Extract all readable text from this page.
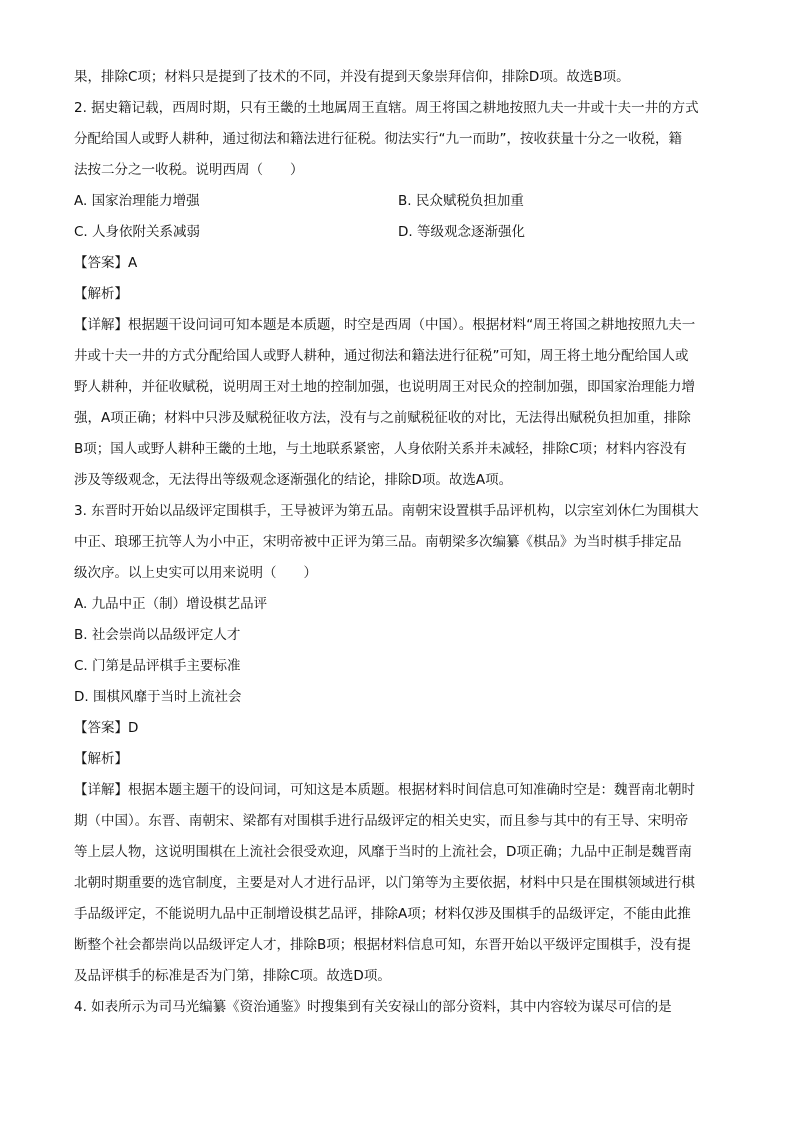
果，排除C项；材料只是提到了技术的不同，并没有提到天象崇拜信仰，排除D项。故选B项。
2. 据史籍记载，西周时期，只有王畿的土地属周王直辖。周王将国之耕地按照九夫一井或十夫一井的方式
分配给国人或野人耕种，通过彻法和籍法进行征税。彻法实行“九一而助”，按收获量十分之一收税，籍
法按二分之一收税。说明西周（　　）
A. 国家治理能力增强	B. 民众赋税负担加重
C. 人身依附关系减弱	D. 等级观念逐渐强化
【答案】A
【解析】
【详解】根据题干设问词可知本题是本质题，时空是西周（中国）。根据材料“周王将国之耕地按照九夫一
井或十夫一井的方式分配给国人或野人耕种，通过彻法和籍法进行征税”可知，周王将土地分配给国人或
野人耕种，并征收赋税，说明周王对土地的控制加强，也说明周王对民众的控制加强，即国家治理能力增
强，A项正确；材料中只涉及赋税征收方法，没有与之前赋税征收的对比，无法得出赋税负担加重，排除
B项；国人或野人耕种王畿的土地，与土地联系紧密，人身依附关系并未减轻，排除C项；材料内容没有
涉及等级观念，无法得出等级观念逐渐强化的结论，排除D项。故选A项。
3. 东晋时开始以品级评定围棋手，王导被评为第五品。南朝宋设置棋手品评机构，以宗室刘休仁为围棋大
中正、琅琊王抗等人为小中正，宋明帝被中正评为第三品。南朝梁多次编纂《棋品》为当时棋手排定品
级次序。以上史实可以用来说明（　　）
A. 九品中正（制）增设棋艺品评
B. 社会崇尚以品级评定人才
C. 门第是品评棋手主要标准
D. 围棋风靡于当时上流社会
【答案】D
【解析】
【详解】根据本题主题干的设问词，可知这是本质题。根据材料时间信息可知准确时空是：魏晋南北朝时
期（中国）。东晋、南朝宋、梁都有对围棋手进行品级评定的相关史实，而且参与其中的有王导、宋明帝
等上层人物，这说明围棋在上流社会很受欢迎，风靡于当时的上流社会，D项正确；九品中正制是魏晋南
北朝时期重要的选官制度，主要是对人才进行品评，以门第等为主要依据，材料中只是在围棋领域进行棋
手品级评定，不能说明九品中正制增设棋艺品评，排除A项；材料仅涉及围棋手的品级评定，不能由此推
断整个社会都崇尚以品级评定人才，排除B项；根据材料信息可知，东晋开始以平级评定围棋手，没有提
及品评棋手的标准是否为门第，排除C项。故选D项。
4. 如表所示为司马光编纂《资治通鉴》时搜集到有关安禄山的部分资料，其中内容较为谋尽可信的是
